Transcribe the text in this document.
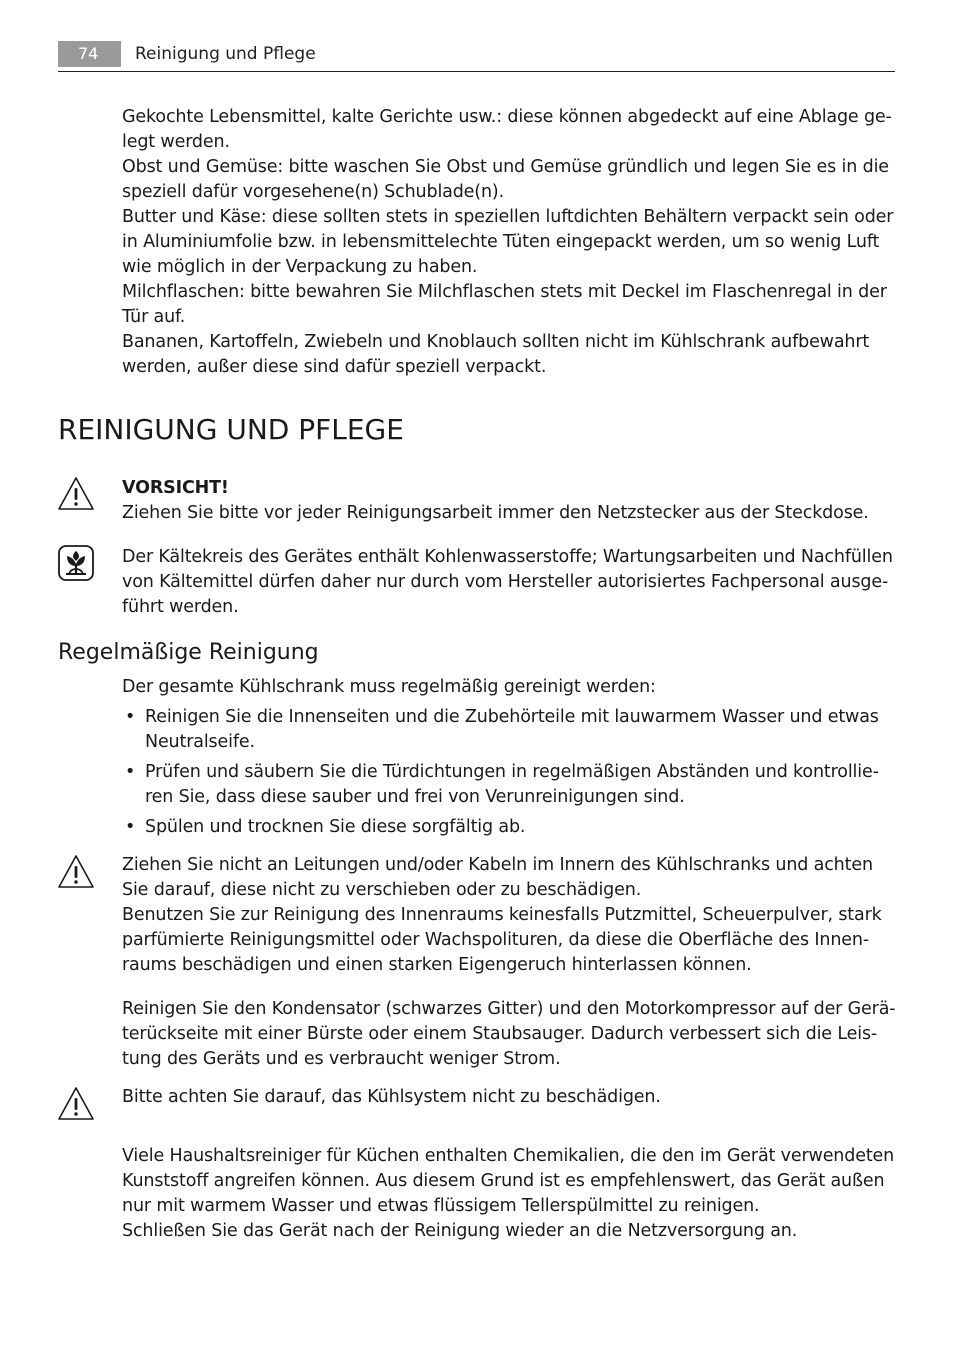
74	Reinigung und Pflege

Gekochte Lebensmittel, kalte Gerichte usw.: diese können abgedeckt auf eine Ablage ge-

legt werden.

Obst und Gemüse: bitte waschen Sie Obst und Gemüse gründlich und legen Sie es in die

speziell dafür vorgesehene(n) Schublade(n).

Butter und Käse: diese sollten stets in speziellen luftdichten Behältern verpackt sein oder

in Aluminiumfolie bzw. in lebensmittelechte Tüten eingepackt werden, um so wenig Luft

wie möglich in der Verpackung zu haben.

Milchflaschen: bitte bewahren Sie Milchflaschen stets mit Deckel im Flaschenregal in der

Tür auf.

Bananen, Kartoffeln, Zwiebeln und Knoblauch sollten nicht im Kühlschrank aufbewahrt

werden, außer diese sind dafür speziell verpackt.

REINIGUNG UND PFLEGE

VORSICHT!

Ziehen Sie bitte vor jeder Reinigungsarbeit immer den Netzstecker aus der Steckdose.

Der Kältekreis des Gerätes enthält Kohlenwasserstoffe; Wartungsarbeiten und Nachfüllen

von Kältemittel dürfen daher nur durch vom Hersteller autorisiertes Fachpersonal ausge-

führt werden.

Regelmäßige Reinigung

Der gesamte Kühlschrank muss regelmäßig gereinigt werden:

• Reinigen Sie die Innenseiten und die Zubehörteile mit lauwarmem Wasser und etwas

Neutralseife.

• Prüfen und säubern Sie die Türdichtungen in regelmäßigen Abständen und kontrollie-

ren Sie, dass diese sauber und frei von Verunreinigungen sind.

• Spülen und trocknen Sie diese sorgfältig ab.

Ziehen Sie nicht an Leitungen und/oder Kabeln im Innern des Kühlschranks und achten

Sie darauf, diese nicht zu verschieben oder zu beschädigen.

Benutzen Sie zur Reinigung des Innenraums keinesfalls Putzmittel, Scheuerpulver, stark

parfümierte Reinigungsmittel oder Wachspolituren, da diese die Oberfläche des Innen-

raums beschädigen und einen starken Eigengeruch hinterlassen können.

Reinigen Sie den Kondensator (schwarzes Gitter) und den Motorkompressor auf der Gerä-

terückseite mit einer Bürste oder einem Staubsauger. Dadurch verbessert sich die Leis-

tung des Geräts und es verbraucht weniger Strom.

Bitte achten Sie darauf, das Kühlsystem nicht zu beschädigen.

Viele Haushaltsreiniger für Küchen enthalten Chemikalien, die den im Gerät verwendeten

Kunststoff angreifen können. Aus diesem Grund ist es empfehlenswert, das Gerät außen

nur mit warmem Wasser und etwas flüssigem Tellerspülmittel zu reinigen.

Schließen Sie das Gerät nach der Reinigung wieder an die Netzversorgung an.
